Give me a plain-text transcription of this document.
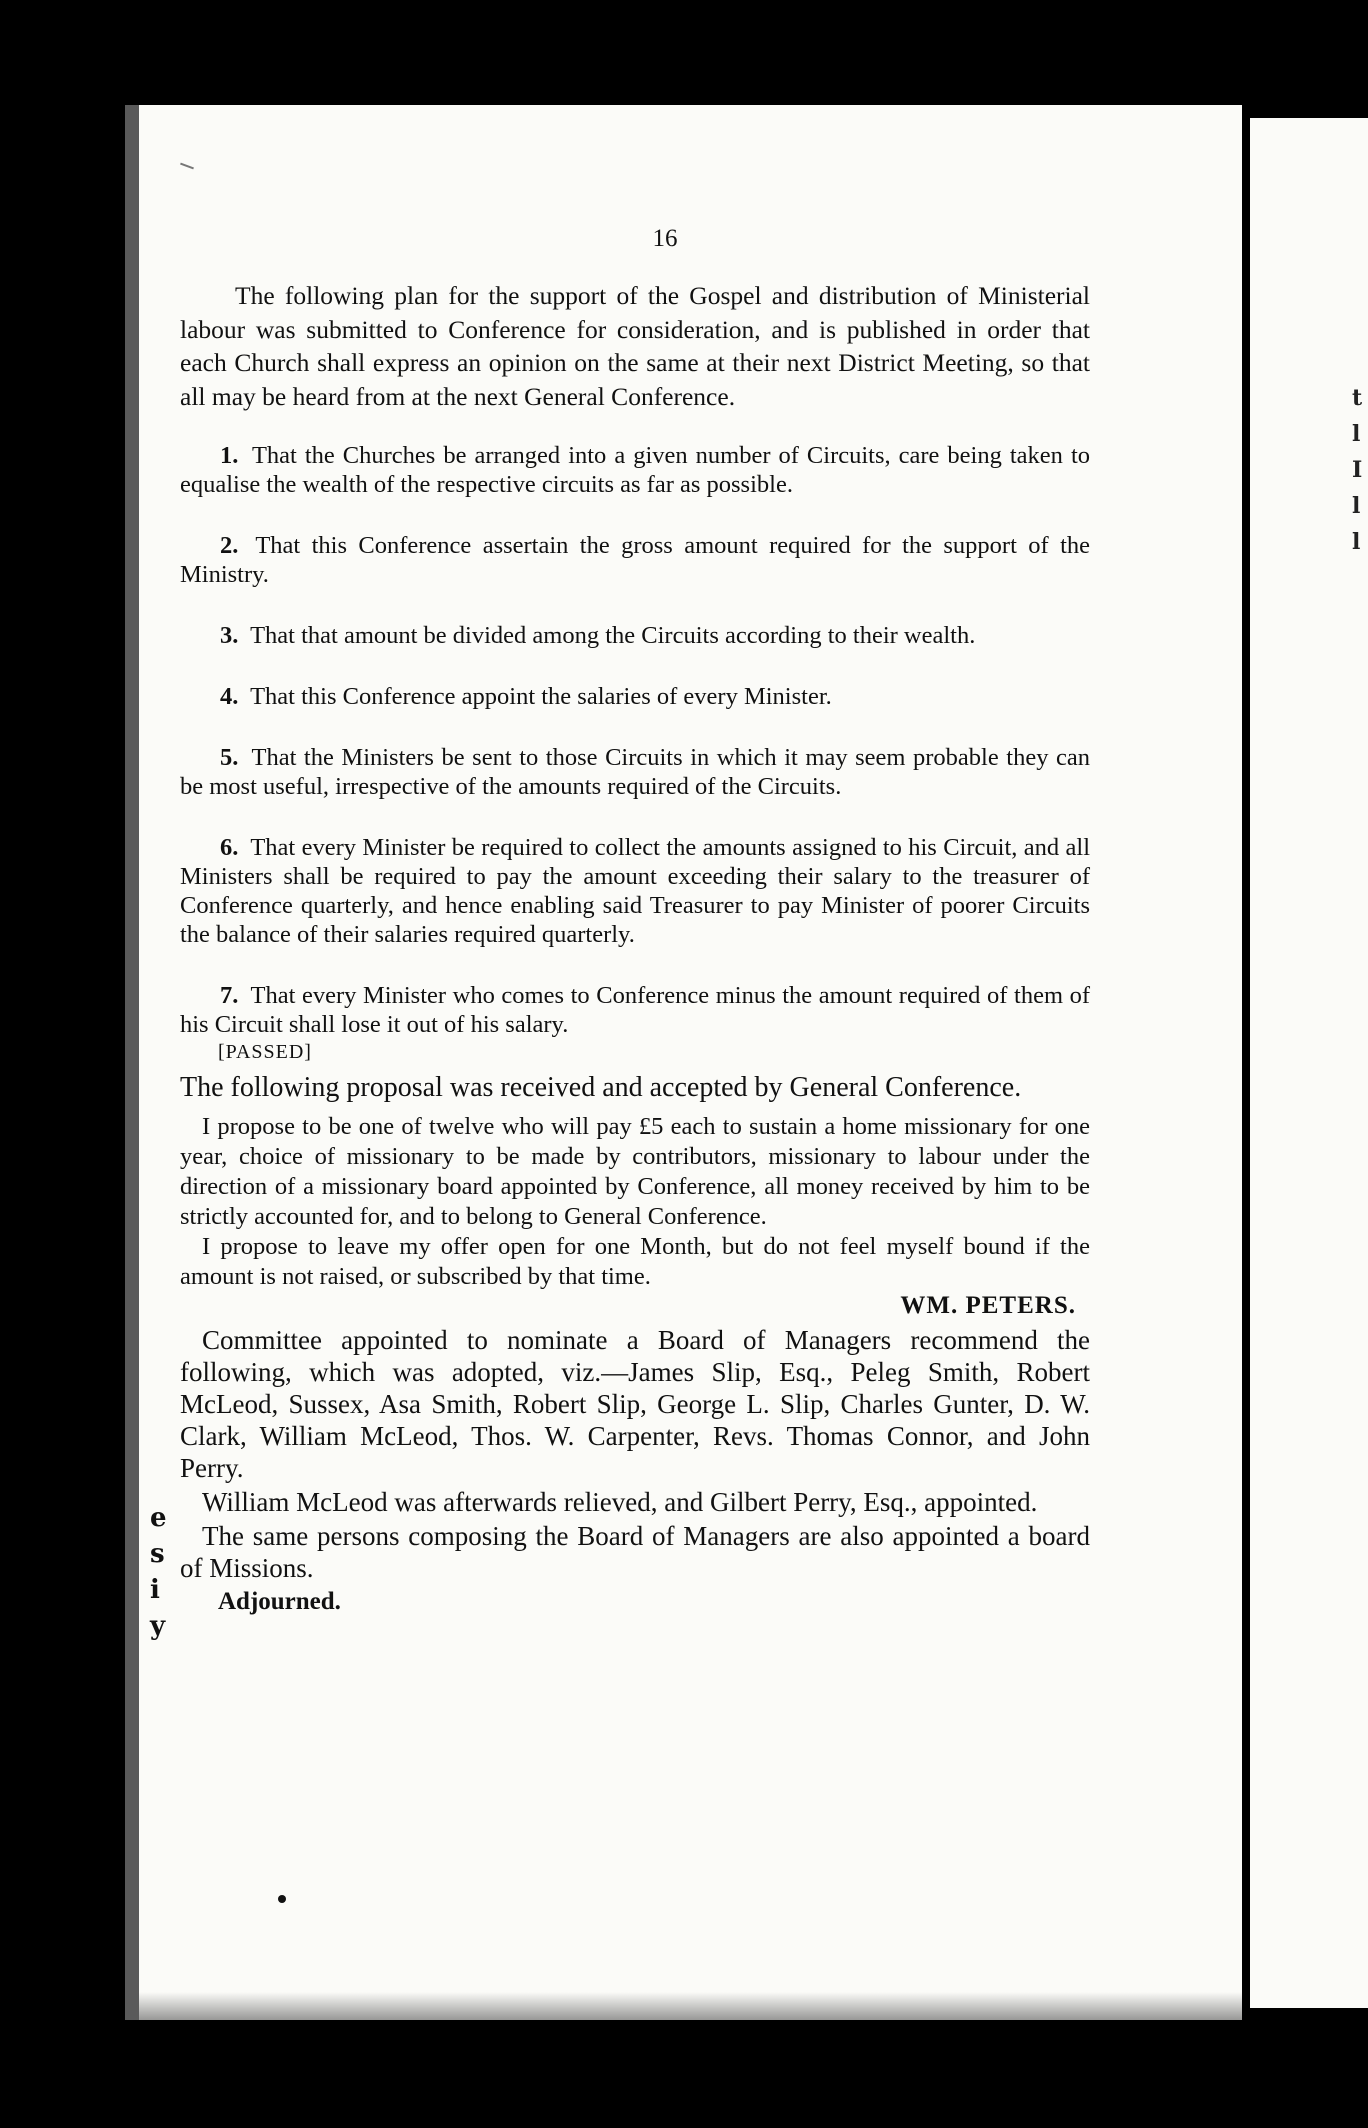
t
l
I
l
l
e
s
i
y
16

The following plan for the support of the Gospel and distribution of Ministerial labour was submitted to Conference for consideration, and is published in order that each Church shall express an opinion on the same at their next District Meeting, so that all may be heard from at the next General Conference.

1. That the Churches be arranged into a given number of Circuits, care being taken to equalise the wealth of the respective circuits as far as possible.

2. That this Conference assertain the gross amount required for the support of the Ministry.

3. That that amount be divided among the Circuits according to their wealth.

4. That this Conference appoint the salaries of every Minister.

5. That the Ministers be sent to those Circuits in which it may seem probable they can be most useful, irrespective of the amounts required of the Circuits.

6. That every Minister be required to collect the amounts assigned to his Circuit, and all Ministers shall be required to pay the amount exceeding their salary to the treasurer of Conference quarterly, and hence enabling said Treasurer to pay Minister of poorer Circuits the balance of their salaries required quarterly.

7. That every Minister who comes to Conference minus the amount required of them of his Circuit shall lose it out of his salary.

[PASSED]

The following proposal was received and accepted by General Conference.

I propose to be one of twelve who will pay £5 each to sustain a home missionary for one year, choice of missionary to be made by contributors, missionary to labour under the direction of a missionary board appointed by Conference, all money received by him to be strictly accounted for, and to belong to General Conference.

I propose to leave my offer open for one Month, but do not feel myself bound if the amount is not raised, or subscribed by that time.

WM. PETERS.

Committee appointed to nominate a Board of Managers recommend the following, which was adopted, viz.—James Slip, Esq., Peleg Smith, Robert McLeod, Sussex, Asa Smith, Robert Slip, George L. Slip, Charles Gunter, D. W. Clark, William McLeod, Thos. W. Carpenter, Revs. Thomas Connor, and John Perry.

William McLeod was afterwards relieved, and Gilbert Perry, Esq., appointed.

The same persons composing the Board of Managers are also appointed a board of Missions.

Adjourned.
